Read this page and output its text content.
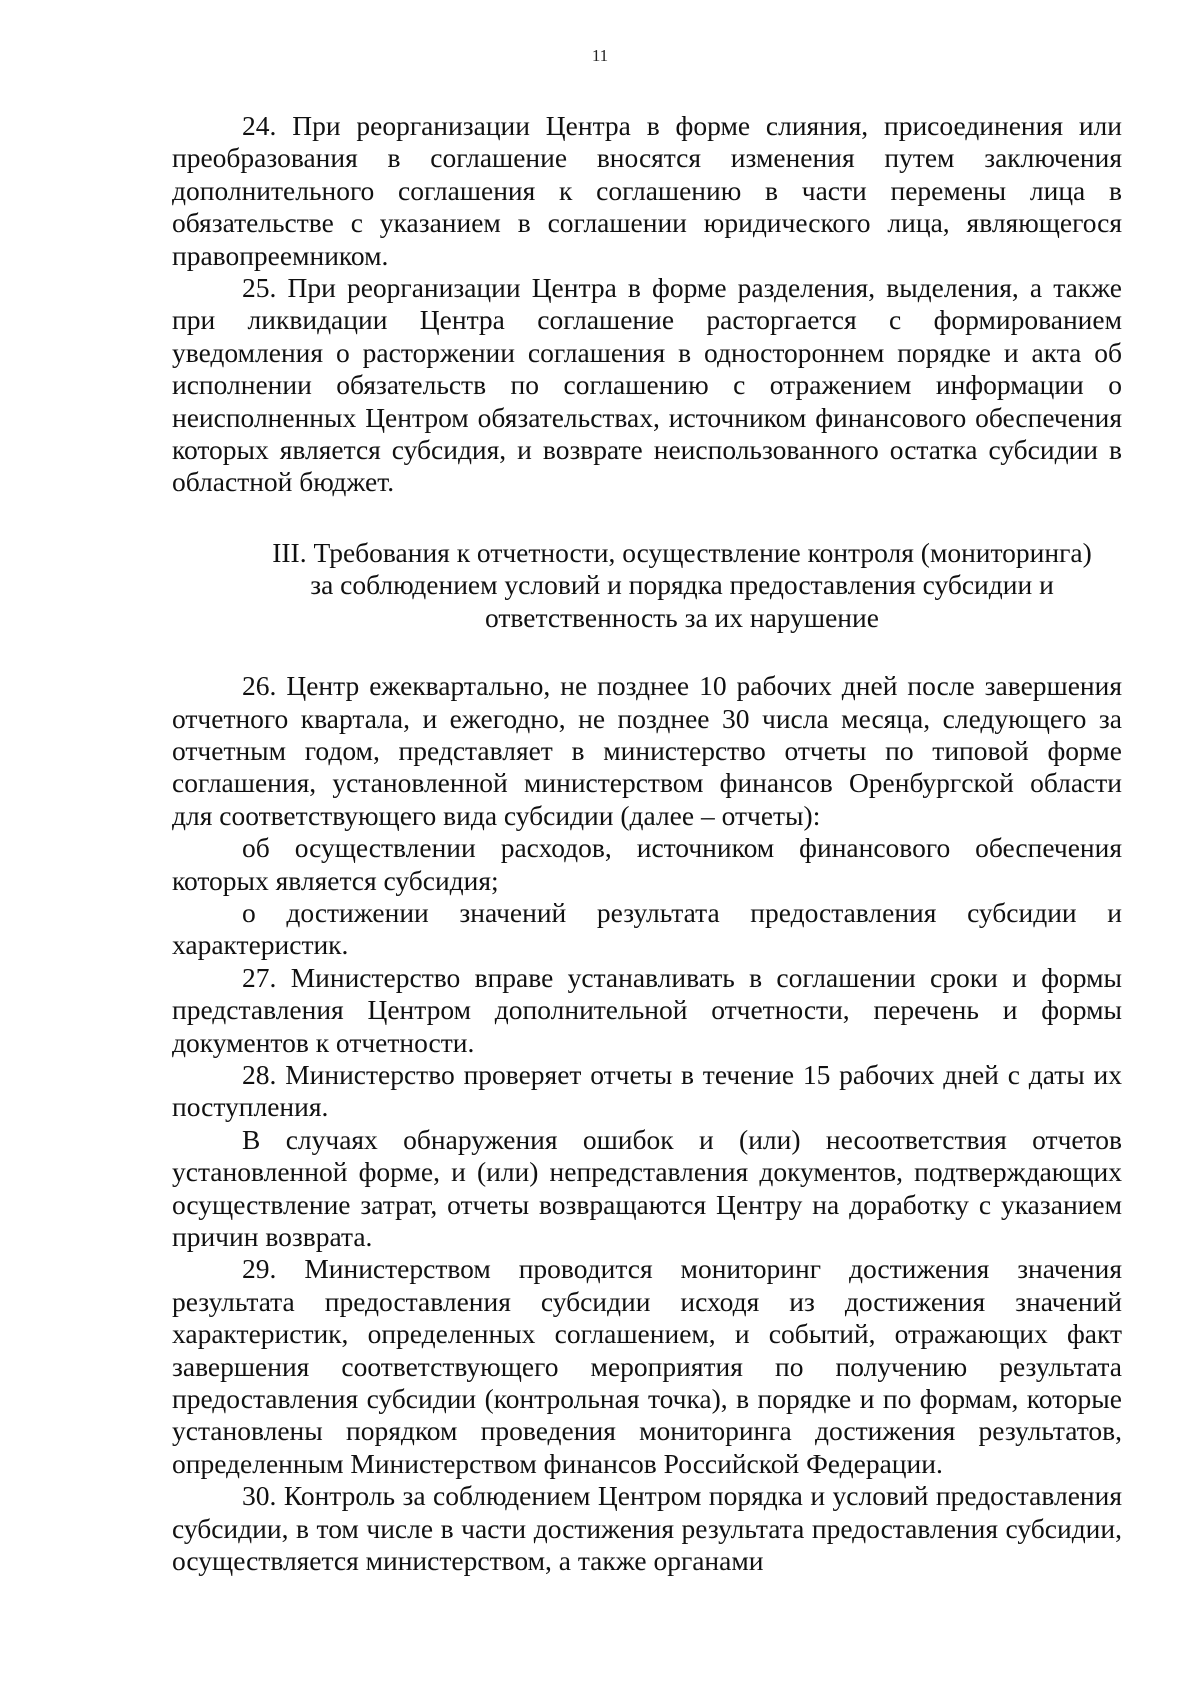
11

24. При реорганизации Центра в форме слияния, присоединения или преобразования в соглашение вносятся изменения путем заключения дополнительного соглашения к соглашению в части перемены лица в обязательстве с указанием в соглашении юридического лица, являющегося правопреемником.

25. При реорганизации Центра в форме разделения, выделения, а также при ликвидации Центра соглашение расторгается с формированием уведомления о расторжении соглашения в одностороннем порядке и акта об исполнении обязательств по соглашению с отражением информации о неисполненных Центром обязательствах, источником финансового обеспечения которых является субсидия, и возврате неиспользованного остатка субсидии в областной бюджет.

III. Требования к отчетности, осуществление контроля (мониторинга)
за соблюдением условий и порядка предоставления субсидии и
ответственность за их нарушение

26. Центр ежеквартально, не позднее 10 рабочих дней после завершения отчетного квартала, и ежегодно, не позднее 30 числа месяца, следующего за отчетным годом, представляет в министерство отчеты по типовой форме соглашения, установленной министерством финансов Оренбургской области для соответствующего вида субсидии (далее – отчеты):

об осуществлении расходов, источником финансового обеспечения которых является субсидия;

о достижении значений результата предоставления субсидии и характеристик.

27. Министерство вправе устанавливать в соглашении сроки и формы представления Центром дополнительной отчетности, перечень и формы документов к отчетности.

28. Министерство проверяет отчеты в течение 15 рабочих дней с даты их поступления.

В случаях обнаружения ошибок и (или) несоответствия отчетов установленной форме, и (или) непредставления документов, подтверждающих осуществление затрат, отчеты возвращаются Центру на доработку с указанием причин возврата.

29. Министерством проводится мониторинг достижения значения результата предоставления субсидии исходя из достижения значений характеристик, определенных соглашением, и событий, отражающих факт завершения соответствующего мероприятия по получению результата предоставления субсидии (контрольная точка), в порядке и по формам, которые установлены порядком проведения мониторинга достижения результатов, определенным Министерством финансов Российской Федерации.

30. Контроль за соблюдением Центром порядка и условий предоставления субсидии, в том числе в части достижения результата предоставления субсидии, осуществляется министерством, а также органами
